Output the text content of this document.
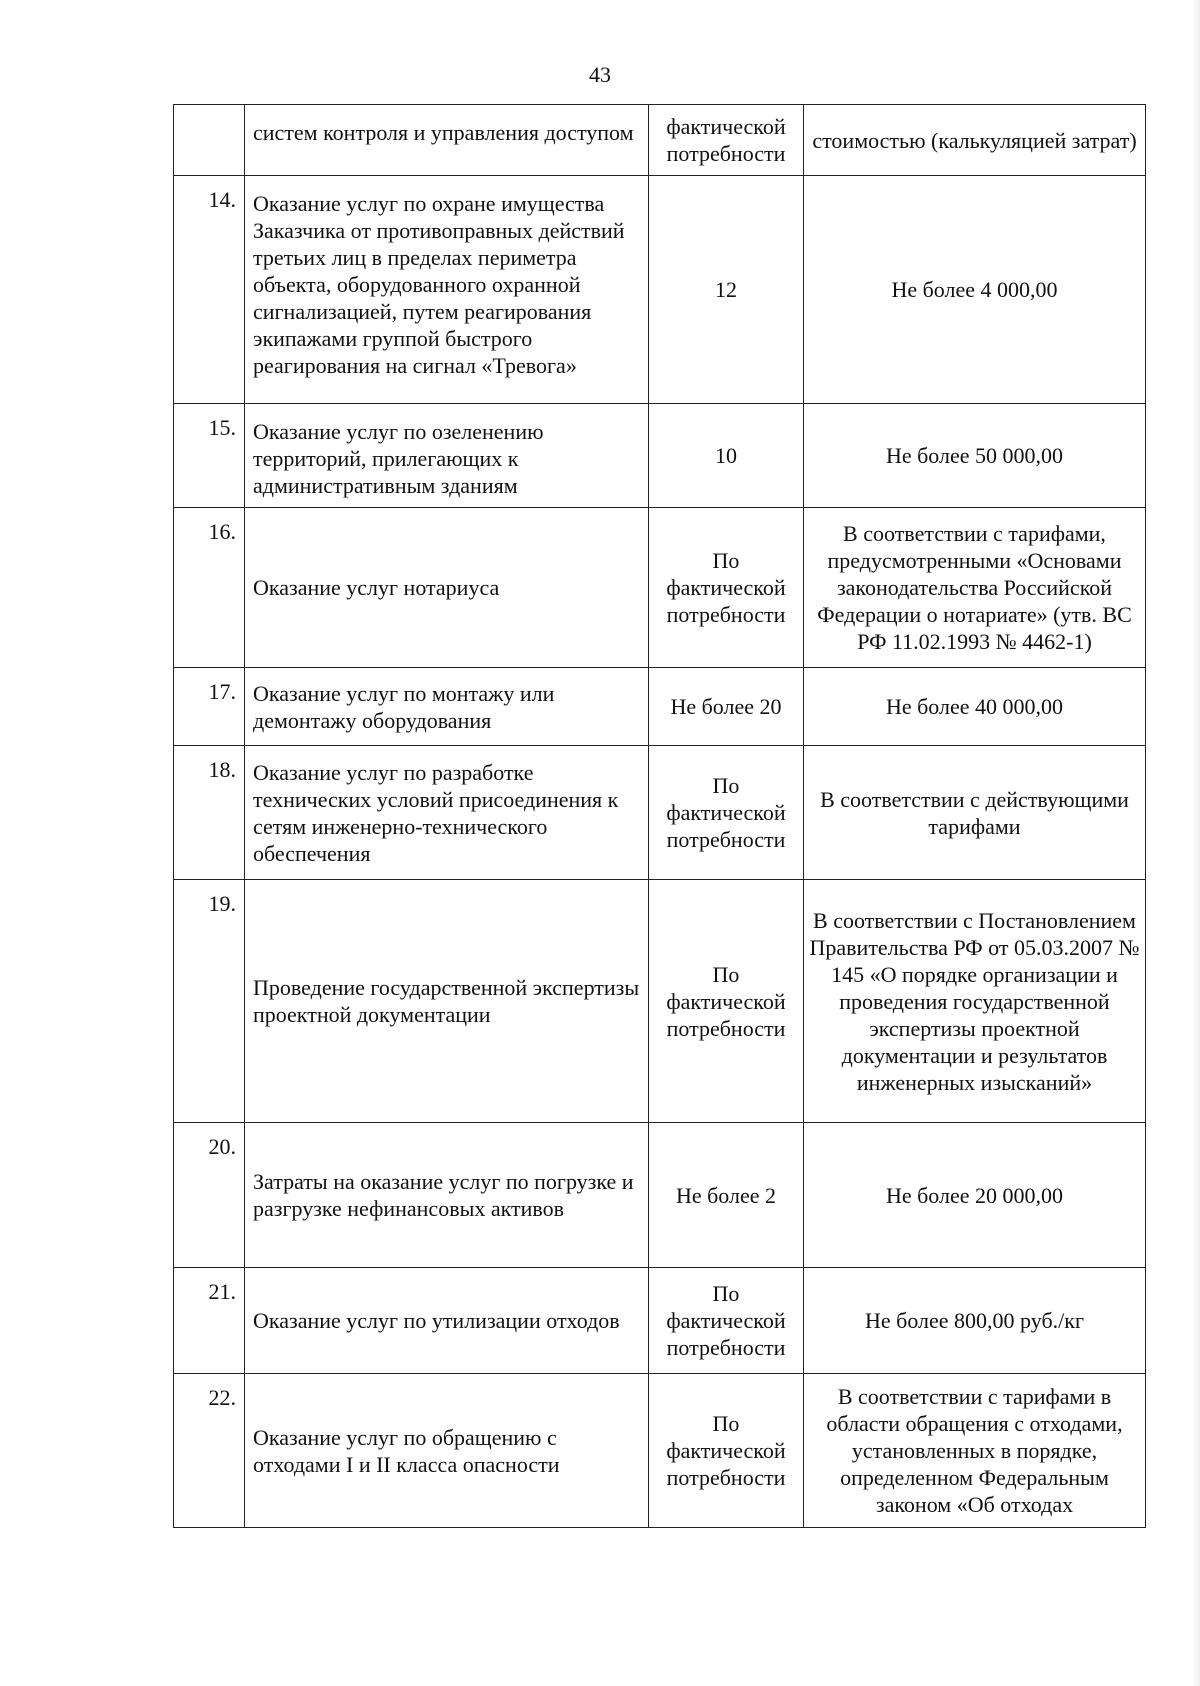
43
	систем контроля и управления доступом	фактической потребности	стоимостью (калькуляцией затрат)
14.	Оказание услуг по охране имущества Заказчика от противоправных действий третьих лиц в пределах периметра объекта, оборудованного охранной сигнализацией, путем реагирования экипажами группой быстрого реагирования на сигнал «Тревога»	12	Не более 4 000,00
15.	Оказание услуг по озеленению территорий, прилегающих к административным зданиям	10	Не более 50 000,00
16.	Оказание услуг нотариуса	По фактической потребности	В соответствии с тарифами, предусмотренными «Основами законодательства Российской Федерации о нотариате» (утв. ВС РФ 11.02.1993 № 4462-1)
17.	Оказание услуг по монтажу или демонтажу оборудования	Не более 20	Не более 40 000,00
18.	Оказание услуг по разработке технических условий присоединения к сетям инженерно-технического обеспечения	По фактической потребности	В соответствии с действующими тарифами
19.	Проведение государственной экспертизы проектной документации	По фактической потребности	В соответствии с Постановлением Правительства РФ от 05.03.2007 № 145 «О порядке организации и проведения государственной экспертизы проектной документации и результатов инженерных изысканий»
20.	Затраты на оказание услуг по погрузке и разгрузке нефинансовых активов	Не более 2	Не более 20 000,00
21.	Оказание услуг по утилизации отходов	По фактической потребности	Не более 800,00 руб./кг
22.	Оказание услуг по обращению с отходами I и II класса опасности	По фактической потребности	В соответствии с тарифами в области обращения с отходами, установленных в порядке, определенном Федеральным законом «Об отходах
